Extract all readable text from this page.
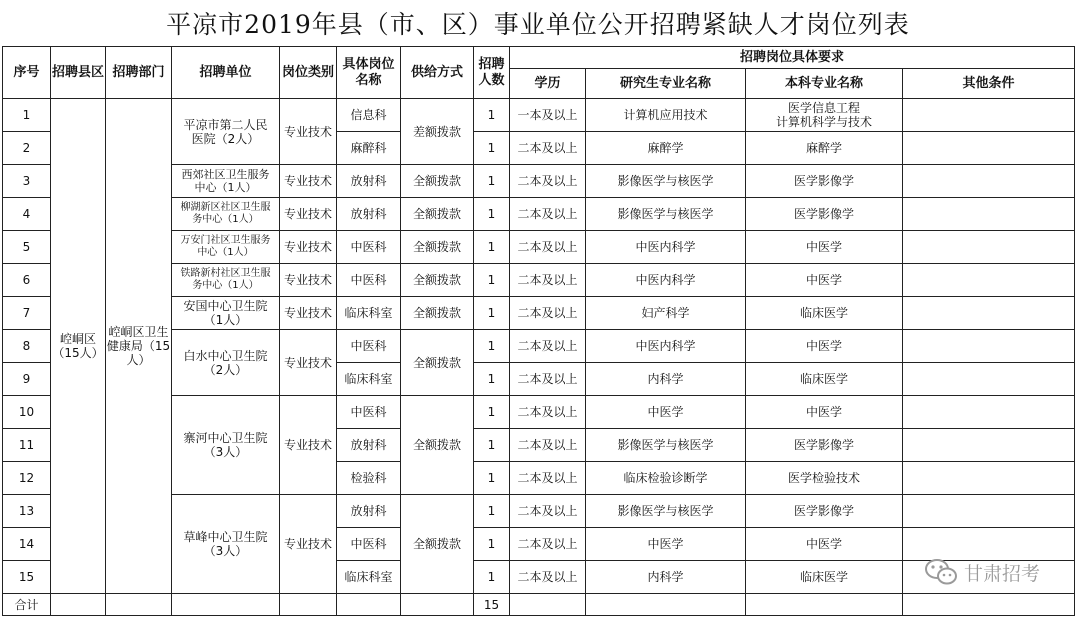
平凉市2019年县（市、区）事业单位公开招聘紧缺人才岗位列表
序号	招聘县区	招聘部门	招聘单位	岗位类别	具体岗位名称	供给方式	招聘人数	招聘岗位具体要求			
								学历	研究生专业名称	本科专业名称	其他条件
1	崆峒区（15人）	崆峒区卫生健康局（15人）	平凉市第二人民医院（2人）	专业技术	信息科	差额拨款	1	一本及以上	计算机应用技术	医学信息工程
计算机科学与技术	
2					麻醉科		1	二本及以上	麻醉学	麻醉学	
3			西郊社区卫生服务中心（1人）	专业技术	放射科	全额拨款	1	二本及以上	影像医学与核医学	医学影像学	
4			柳湖新区社区卫生服务中心（1人）	专业技术	放射科	全额拨款	1	二本及以上	影像医学与核医学	医学影像学	
5			万安门社区卫生服务中心（1人）	专业技术	中医科	全额拨款	1	二本及以上	中医内科学	中医学	
6			铁路新村社区卫生服务中心（1人）	专业技术	中医科	全额拨款	1	二本及以上	中医内科学	中医学	
7			安国中心卫生院（1人）	专业技术	临床科室	全额拨款	1	二本及以上	妇产科学	临床医学	
8			白水中心卫生院（2人）	专业技术	中医科	全额拨款	1	二本及以上	中医内科学	中医学	
9					临床科室		1	二本及以上	内科学	临床医学	
10			寨河中心卫生院（3人）	专业技术	中医科	全额拨款	1	二本及以上	中医学	中医学	
11					放射科		1	二本及以上	影像医学与核医学	医学影像学	
12					检验科		1	二本及以上	临床检验诊断学	医学检验技术	
13			草峰中心卫生院（3人）	专业技术	放射科	全额拨款	1	二本及以上	影像医学与核医学	医学影像学	
14					中医科		1	二本及以上	中医学	中医学	
15					临床科室		1	二本及以上	内科学	临床医学	
合计							15				
甘肃招考
